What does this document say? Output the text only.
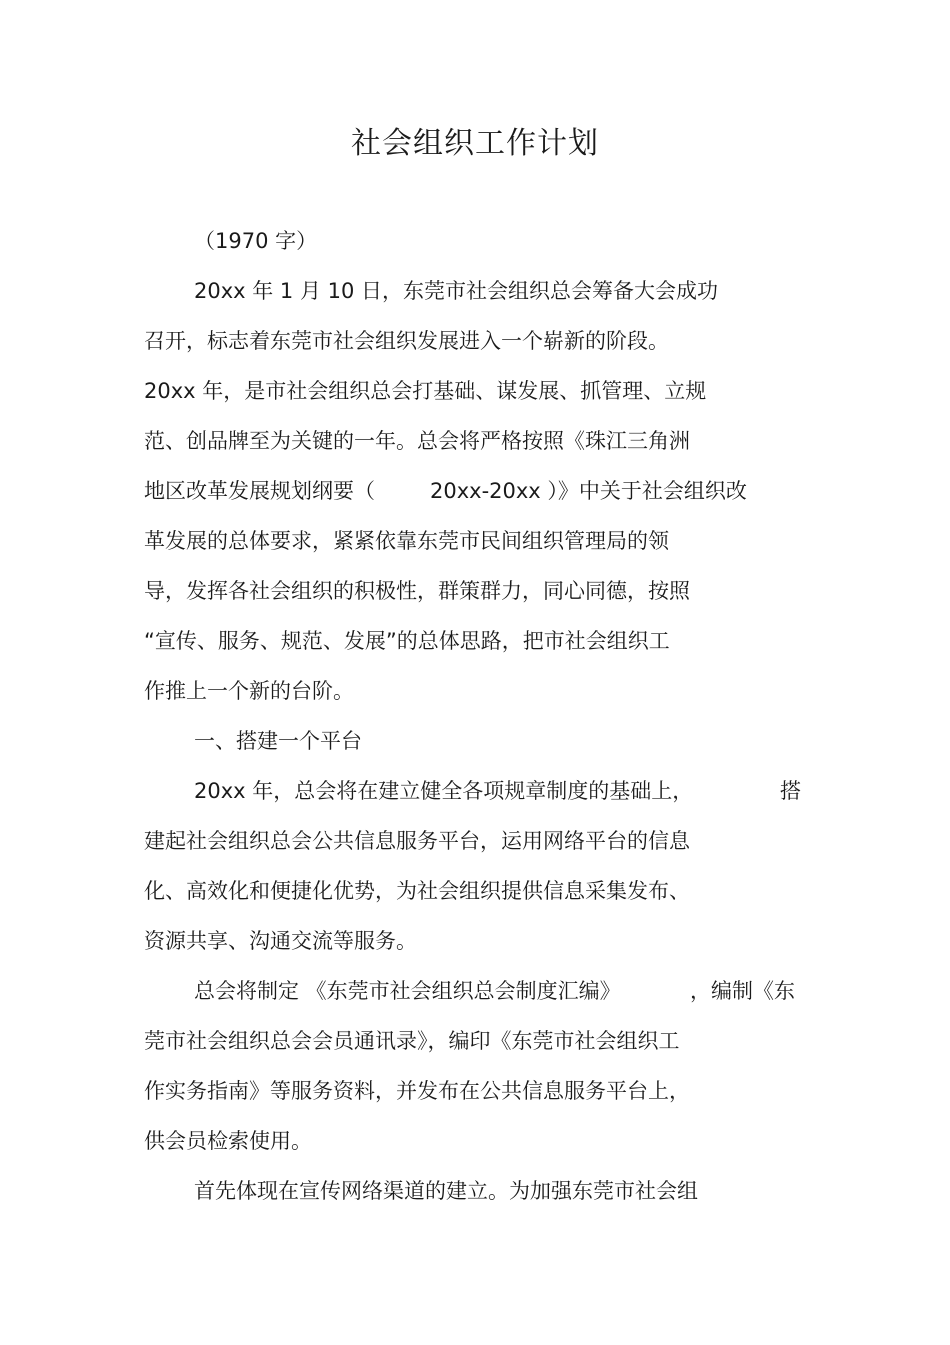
社会组织工作计划
（1970 字）
20xx 年 1 月 10 日，东莞市社会组织总会筹备大会成功
召开，标志着东莞市社会组织发展进入一个崭新的阶段。
20xx 年，是市社会组织总会打基础、谋发展、抓管理、立规
范、创品牌至为关键的一年。总会将严格按照《珠江三角洲
地区改革发展规划纲要（	20xx-20xx ）》中关于社会组织改
革发展的总体要求，紧紧依靠东莞市民间组织管理局的领
导，发挥各社会组织的积极性，群策群力，同心同德，按照
“宣传、服务、规范、发展”的总体思路，把市社会组织工
作推上一个新的台阶。
一、搭建一个平台
20xx 年，总会将在建立健全各项规章制度的基础上，	搭
建起社会组织总会公共信息服务平台，运用网络平台的信息
化、高效化和便捷化优势，为社会组织提供信息采集发布、
资源共享、沟通交流等服务。
总会将制定 《东莞市社会组织总会制度汇编》	，编制《东
莞市社会组织总会会员通讯录》，编印《东莞市社会组织工
作实务指南》等服务资料，并发布在公共信息服务平台上，
供会员检索使用。
首先体现在宣传网络渠道的建立。为加强东莞市社会组
